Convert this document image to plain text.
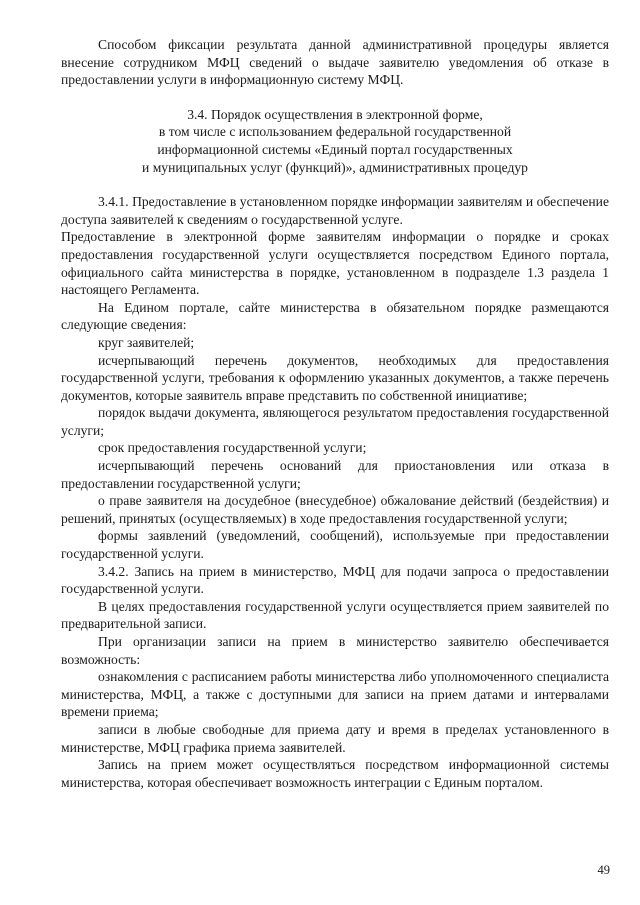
Способом фиксации результата данной административной процедуры является внесение сотрудником МФЦ сведений о выдаче заявителю уведомления об отказе в предоставлении услуги в информационную систему МФЦ.

3.4. Порядок осуществления в электронной форме,
в том числе с использованием федеральной государственной
информационной системы «Единый портал государственных
и муниципальных услуг (функций)», административных процедур

3.4.1. Предоставление в установленном порядке информации заявителям и обеспечение доступа заявителей к сведениям о государственной услуге.

Предоставление в электронной форме заявителям информации о порядке и сроках предоставления государственной услуги осуществляется посредством Единого портала, официального сайта министерства в порядке, установленном в подразделе 1.3 раздела 1 настоящего Регламента.

На Едином портале, сайте министерства в обязательном порядке размещаются следующие сведения:

круг заявителей;

исчерпывающий перечень документов, необходимых для предоставления государственной услуги, требования к оформлению указанных документов, а также перечень документов, которые заявитель вправе представить по собственной инициативе;

порядок выдачи документа, являющегося результатом предоставления государственной услуги;

срок предоставления государственной услуги;

исчерпывающий перечень оснований для приостановления или отказа в предоставлении государственной услуги;

о праве заявителя на досудебное (внесудебное) обжалование действий (бездействия) и решений, принятых (осуществляемых) в ходе предоставления государственной услуги;

формы заявлений (уведомлений, сообщений), используемые при предоставлении государственной услуги.

3.4.2. Запись на прием в министерство, МФЦ для подачи запроса о предоставлении государственной услуги.

В целях предоставления государственной услуги осуществляется прием заявителей по предварительной записи.

При организации записи на прием в министерство заявителю обеспечивается возможность:

ознакомления с расписанием работы министерства либо уполномоченного специалиста министерства, МФЦ, а также с доступными для записи на прием датами и интервалами времени приема;

записи в любые свободные для приема дату и время в пределах установленного в министерстве, МФЦ графика приема заявителей.

Запись на прием может осуществляться посредством информационной системы министерства, которая обеспечивает возможность интеграции с Единым порталом.

49
